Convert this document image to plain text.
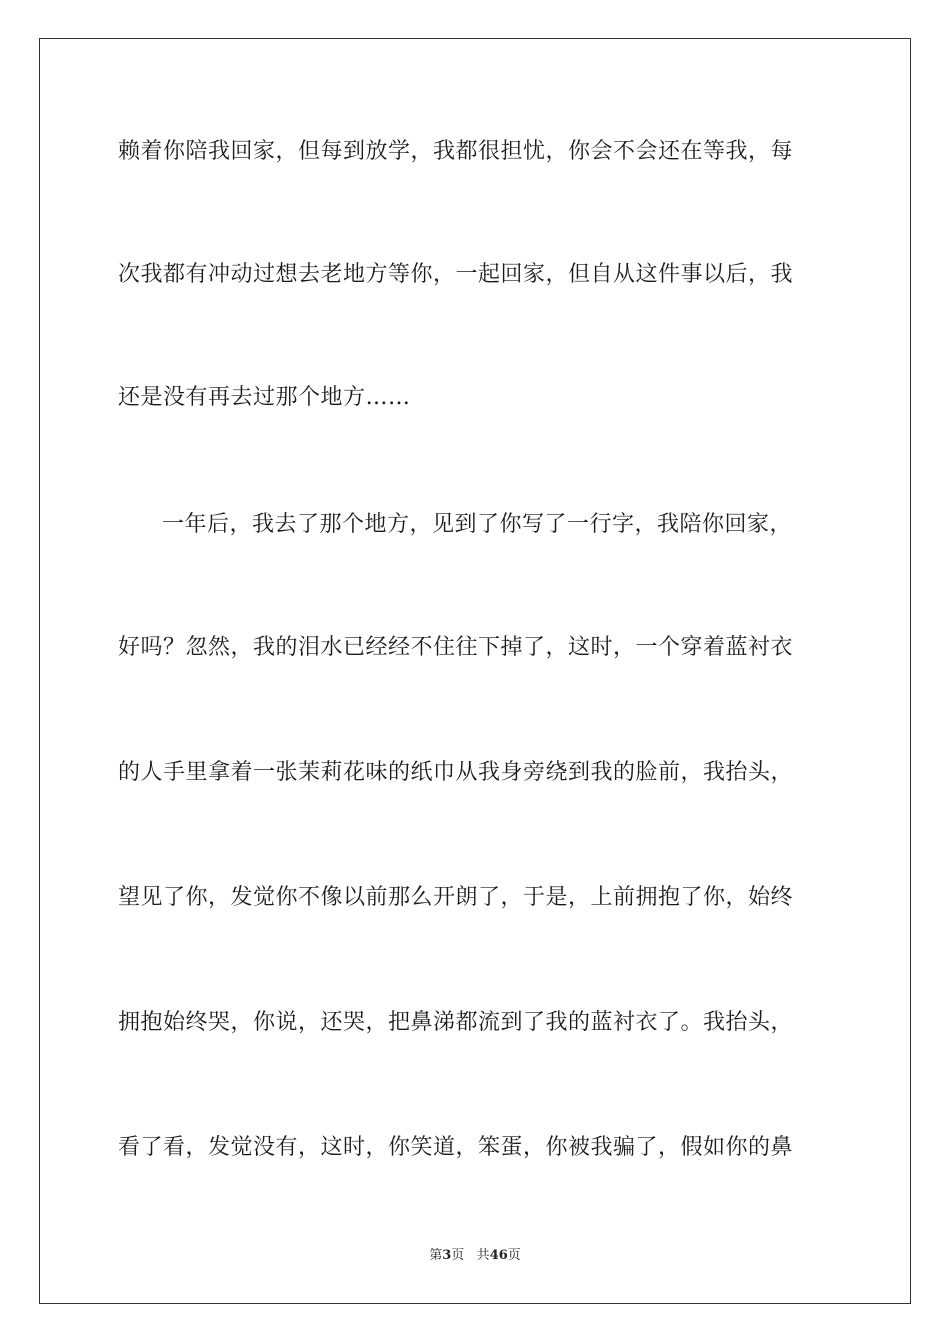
赖着你陪我回家，但每到放学，我都很担忧，你会不会还在等我，每
次我都有冲动过想去老地方等你，一起回家，但自从这件事以后，我
还是没有再去过那个地方……
一年后，我去了那个地方，见到了你写了一行字，我陪你回家，
好吗？忽然，我的泪水已经经不住往下掉了，这时，一个穿着蓝衬衣
的人手里拿着一张茉莉花味的纸巾从我身旁绕到我的脸前，我抬头，
望见了你，发觉你不像以前那么开朗了，于是，上前拥抱了你，始终
拥抱始终哭，你说，还哭，把鼻涕都流到了我的蓝衬衣了。我抬头，
看了看，发觉没有，这时，你笑道，笨蛋，你被我骗了，假如你的鼻
第3页 共46页
